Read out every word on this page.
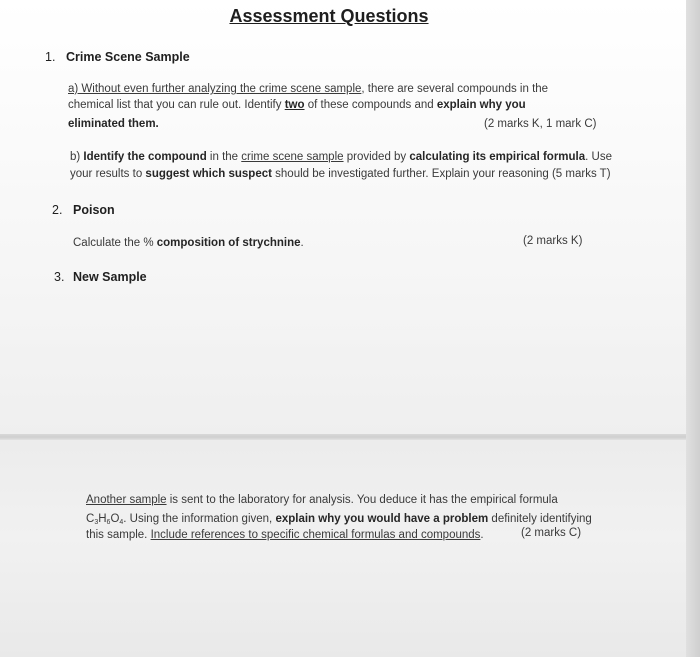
Assessment Questions
1. Crime Scene Sample
a) Without even further analyzing the crime scene sample, there are several compounds in the
chemical list that you can rule out. Identify two of these compounds and explain why you
eliminated them.	(2 marks K, 1 mark C)
b) Identify the compound in the crime scene sample provided by calculating its empirical formula. Use
your results to suggest which suspect should be investigated further. Explain your reasoning (5 marks T)
2. Poison
Calculate the % composition of strychnine.	(2 marks K)
3. New Sample
Another sample is sent to the laboratory for analysis. You deduce it has the empirical formula
$C_3H_6O_4$. Using the information given, explain why you would have a problem definitely identifying
this sample. Include references to specific chemical formulas and compounds.	(2 marks C)
